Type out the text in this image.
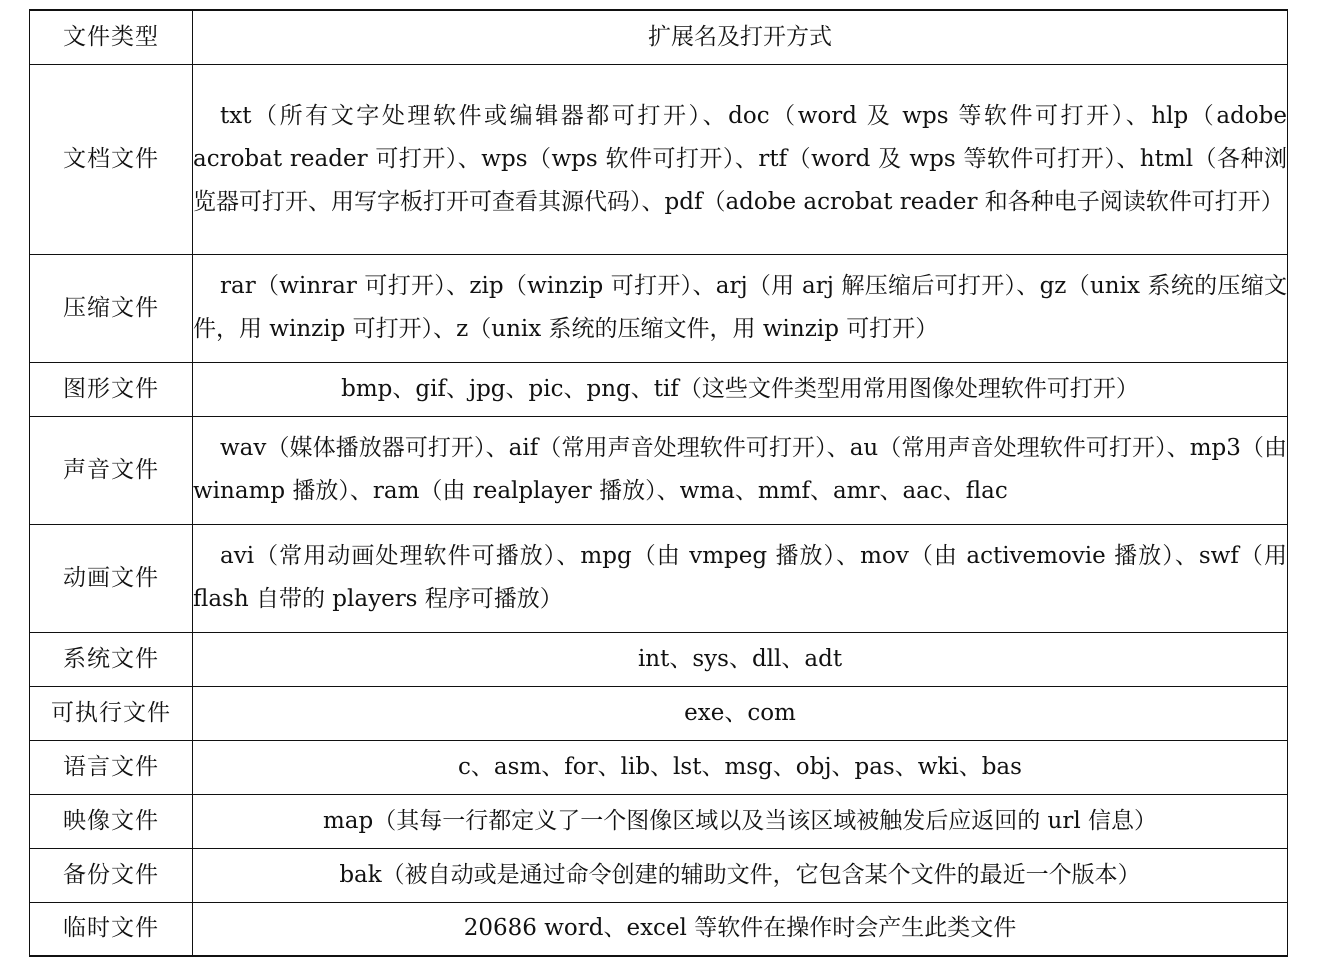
文件类型	扩展名及打开方式
文档文件	txt（所有文字处理软件或编辑器都可打开）、doc（word 及 wps 等软件可打开）、hlp（adobe acrobat reader 可打开）、wps（wps 软件可打开）、rtf（word 及 wps 等软件可打开）、html（各种浏览器可打开、用写字板打开可查看其源代码）、pdf（adobe acrobat reader 和各种电子阅读软件可打开）

压缩文件	rar（winrar 可打开）、zip（winzip 可打开）、arj（用 arj 解压缩后可打开）、gz（unix 系统的压缩文件，用 winzip 可打开）、z（unix 系统的压缩文件，用 winzip 可打开）

图形文件	bmp、gif、jpg、pic、png、tif（这些文件类型用常用图像处理软件可打开）
声音文件	wav（媒体播放器可打开）、aif（常用声音处理软件可打开）、au（常用声音处理软件可打开）、mp3（由 winamp 播放）、ram（由 realplayer 播放）、wma、mmf、amr、aac、flac

动画文件	avi（常用动画处理软件可播放）、mpg（由 vmpeg 播放）、mov（由 activemovie 播放）、swf（用 flash 自带的 players 程序可播放）

系统文件	int、sys、dll、adt
可执行文件	exe、com
语言文件	c、asm、for、lib、lst、msg、obj、pas、wki、bas
映像文件	map（其每一行都定义了一个图像区域以及当该区域被触发后应返回的 url 信息）
备份文件	bak（被自动或是通过命令创建的辅助文件，它包含某个文件的最近一个版本）
临时文件	20686 word、excel 等软件在操作时会产生此类文件
